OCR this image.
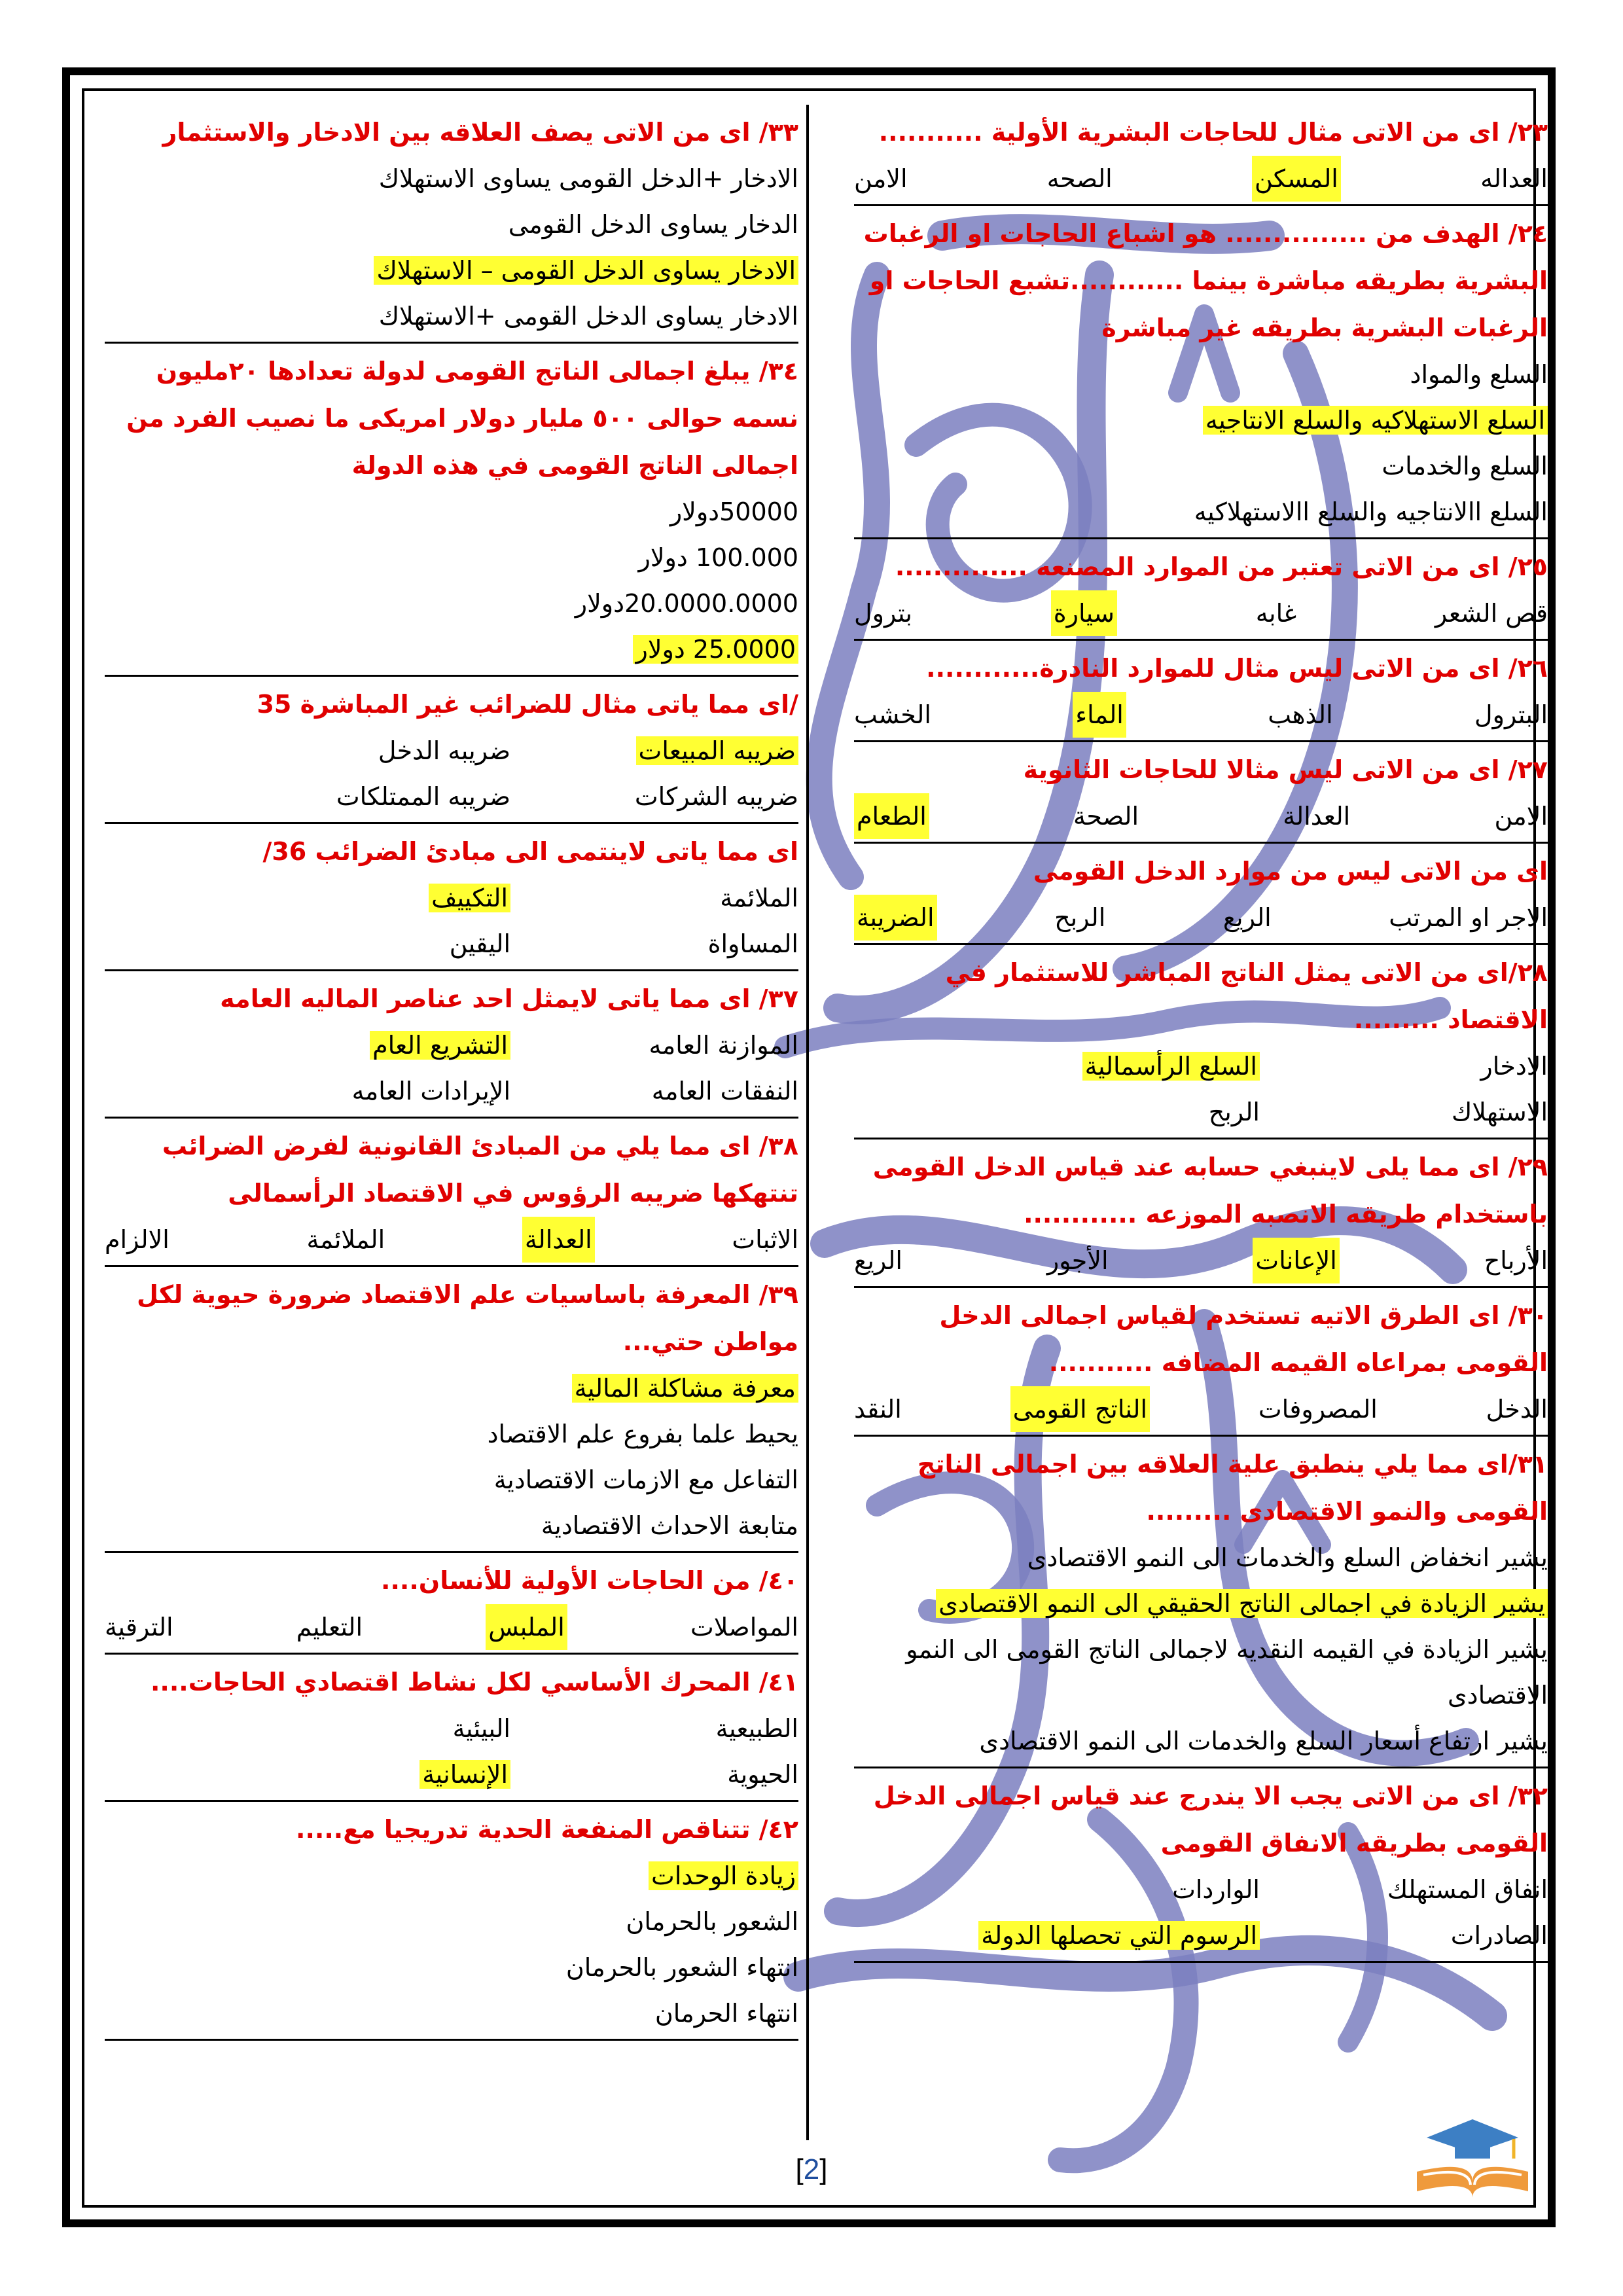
٢٣/ اى من الاتى مثال للحاجات البشرية الأولية ...........
العداله
المسكن
الصحه
الامن
٢٤/ الهدف من ............... هو اشباع الحاجات او الرغبات البشرية بطريقه مباشرة بينما ............تشبع الحاجات او الرغبات البشرية بطريقه غير مباشرة
السلع والمواد
السلع الاستهلاكيه والسلع الانتاجيه
السلع والخدمات
السلع االانتاجيه والسلع االاستهلاكيه
٢٥/ اى من الاتى تعتبر من الموارد المصنعه ..............
قص الشعر
غابه
سيارة
بترول
٢٦/ اى من الاتى ليس مثال للموارد النادرة............
البترول
الذهب
الماء
الخشب
٢٧/ اى من الاتى ليس مثالا للحاجات الثانوية
الامن
العدالة
الصحة
الطعام
اى من الاتى ليس من موارد الدخل القومى
الاجر او المرتب
الريع
الربح
الضريبة
٢٨/اى من الاتى يمثل الناتج المباشر للاستثمار في الاقتصاد .........
الادخار
السلع الرأسمالية
الاستهلاك
الربح
٢٩/ اى مما يلى لاينبغي حسابه عند قياس الدخل القومى باستخدام طريقه الانصبه الموزعه ............
الأرباح
الإعانات
الأجور
الريع
٣٠/ اى الطرق الاتيه تستخدم لقياس اجمالى الدخل القومى بمراعاه القيمه المضافه ...........
الدخل
المصروفات
الناتج القومى
النقد
٣١/اى مما يلي ينطبق علية العلاقه بين اجمالى الناتج القومى والنمو الاقتصادى .........
يشير انخفاض السلع والخدمات الى النمو الاقتصادى
يشير الزيادة في اجمالى الناتج الحقيقي الى النمو الاقتصادى
يشير الزيادة في القيمه النقديه لاجمالى الناتج القومى الى النمو الاقتصادى
يشير ارتفاع أسعار السلع والخدمات الى النمو الاقتصادى
٣٢/ اى من الاتى يجب الا يندرج عند قياس اجمالى الدخل القومى بطريقه الانفاق القومى
انفاق المستهلك
الواردات
الصادرات
الرسوم التي تحصلها الدولة
٣٣/ اى من الاتى يصف العلاقه بين الادخار والاستثمار
الادخار +الدخل القومى يساوى الاستهلاك
الدخار يساوى الدخل القومى
الادخار يساوى الدخل القومى – الاستهلاك
الادخار يساوى الدخل القومى +الاستهلاك
٣٤/ يبلغ اجمالى الناتج القومى لدولة تعدادها ٢٠مليون نسمه حوالى ٥٠٠ مليار دولار امريكى ما نصيب الفرد من اجمالى الناتج القومى في هذه الدولة
50000دولار
100.000 دولار
20.0000.0000دولار
25.0000 دولار
/اى مما ياتى مثال للضرائب غير المباشرة 35
ضريبه المبيعات
ضريبه الدخل
ضريبه الشركات
ضريبه الممتلكات
اى مما ياتى لاينتمى الى مبادئ الضرائب 36/
الملائمة
التكييف
المساواة
اليقين
٣٧/ اى مما ياتى لايمثل احد عناصر الماليه العامه
الموازنة العامه
التشريع العام
النفقات العامه
الإيرادات العامه
٣٨/ اى مما يلي من المبادئ القانونية لفرض الضرائب تنتهكها ضريبه الرؤوس في الاقتصاد الرأسمالى
الاثبات
العدالة
الملائمة
الالزام
٣٩/ المعرفة باساسيات علم الاقتصاد ضرورة حيوية لكل مواطن حتي...
معرفة مشاكلة المالية
يحيط علما بفروع علم الاقتصاد
التفاعل مع الازمات الاقتصادية
متابعة الاحداث الاقتصادية
٤٠/ من الحاجات الأولية للأنسان....
المواصلات
الملبس
التعليم
الترقية
٤١/ المحرك الأساسي لكل نشاط اقتصادي الحاجات....
الطبيعية
البيئية
الحيوية
الإنسانية
٤٢/ تتناقص المنفعة الحدية تدريجيا مع.....
زيادة الوحدات
الشعور بالحرمان
انتهاء الشعور بالحرمان
انتهاء الحرمان
[2]
